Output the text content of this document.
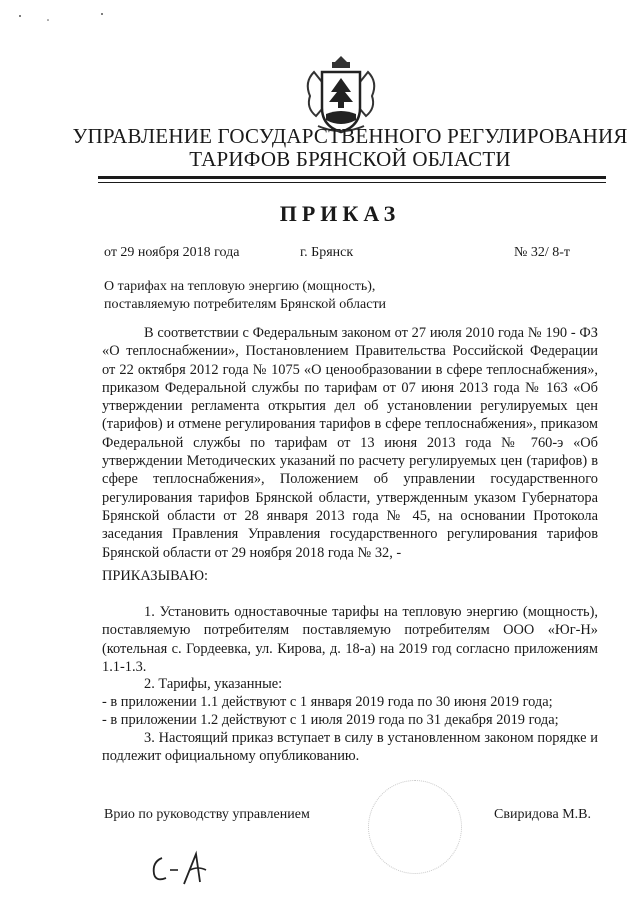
УПРАВЛЕНИЕ ГОСУДАРСТВЕННОГО РЕГУЛИРОВАНИЯ
ТАРИФОВ БРЯНСКОЙ ОБЛАСТИ
ПРИКАЗ
от 29 ноября 2018 года	г. Брянск	№ 32/ 8-т
О тарифах на тепловую энергию (мощность),
поставляемую потребителям Брянской области
В соответствии с Федеральным законом от 27 июля 2010 года № 190 - ФЗ «О теплоснабжении», Постановлением Правительства Российской Федерации от 22 октября 2012 года № 1075 «О ценообразовании в сфере теплоснабжения», приказом Федеральной службы по тарифам от 07 июня 2013 года № 163 «Об утверждении регламента открытия дел об установлении регулируемых цен (тарифов) и отмене регулирования тарифов в сфере теплоснабжения», приказом Федеральной службы по тарифам от 13 июня 2013 года № 760-э «Об утверждении Методических указаний по расчету регулируемых цен (тарифов) в сфере теплоснабжения», Положением об управлении государственного регулирования тарифов Брянской области, утвержденным указом Губернатора Брянской области от 28 января 2013 года № 45, на основании Протокола заседания Правления Управления государственного регулирования тарифов Брянской области от 29 ноября 2018 года № 32, -
ПРИКАЗЫВАЮ:
1. Установить одноставочные тарифы на тепловую энергию (мощность), поставляемую потребителям поставляемую потребителям ООО «Юг-Н» (котельная с. Гордеевка, ул. Кирова, д. 18-а) на 2019 год согласно приложениям 1.1-1.3.
2. Тарифы, указанные:
- в приложении 1.1 действуют с 1 января 2019 года по 30 июня 2019 года;
- в приложении 1.2 действуют с 1 июля 2019 года по 31 декабря 2019 года;
3. Настоящий приказ вступает в силу в установленном законом порядке и подлежит официальному опубликованию.
Врио по руководству управлением	Свиридова М.В.
